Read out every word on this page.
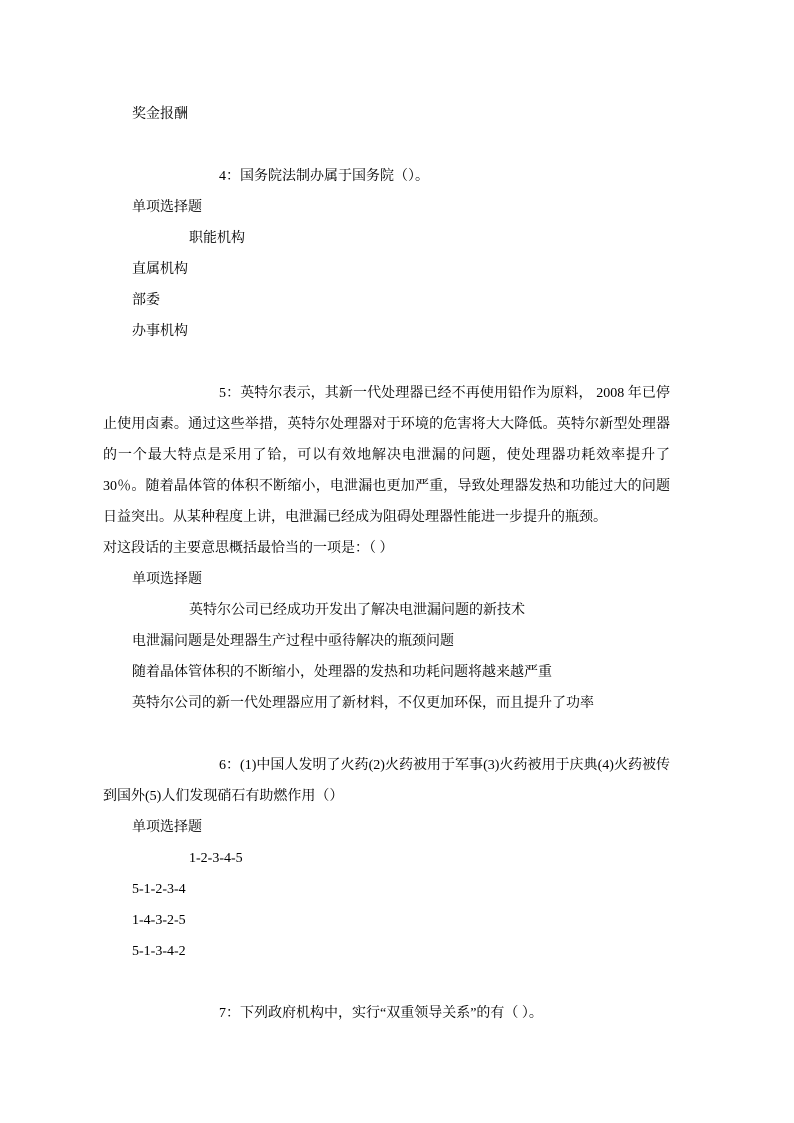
奖金报酬

4：国务院法制办属于国务院（）。

单项选择题

职能机构

直属机构

部委

办事机构

5：英特尔表示，其新一代处理器已经不再使用铅作为原料， 2008 年已停止使用卤素。通过这些举措，英特尔处理器对于环境的危害将大大降低。英特尔新型处理器的一个最大特点是采用了铪，可以有效地解决电泄漏的问题，使处理器功耗效率提升了30％。随着晶体管的体积不断缩小，电泄漏也更加严重，导致处理器发热和功能过大的问题日益突出。从某种程度上讲，电泄漏已经成为阻碍处理器性能进一步提升的瓶颈。

对这段话的主要意思概括最恰当的一项是：（ ）

单项选择题

英特尔公司已经成功开发出了解决电泄漏问题的新技术

电泄漏问题是处理器生产过程中亟待解决的瓶颈问题

随着晶体管体积的不断缩小，处理器的发热和功耗问题将越来越严重

英特尔公司的新一代处理器应用了新材料，不仅更加环保，而且提升了功率

6：(1)中国人发明了火药(2)火药被用于军事(3)火药被用于庆典(4)火药被传到国外(5)人们发现硝石有助燃作用（）

单项选择题

1-2-3-4-5

5-1-2-3-4

1-4-3-2-5

5-1-3-4-2

7：下列政府机构中，实行“双重领导关系”的有（ ）。
